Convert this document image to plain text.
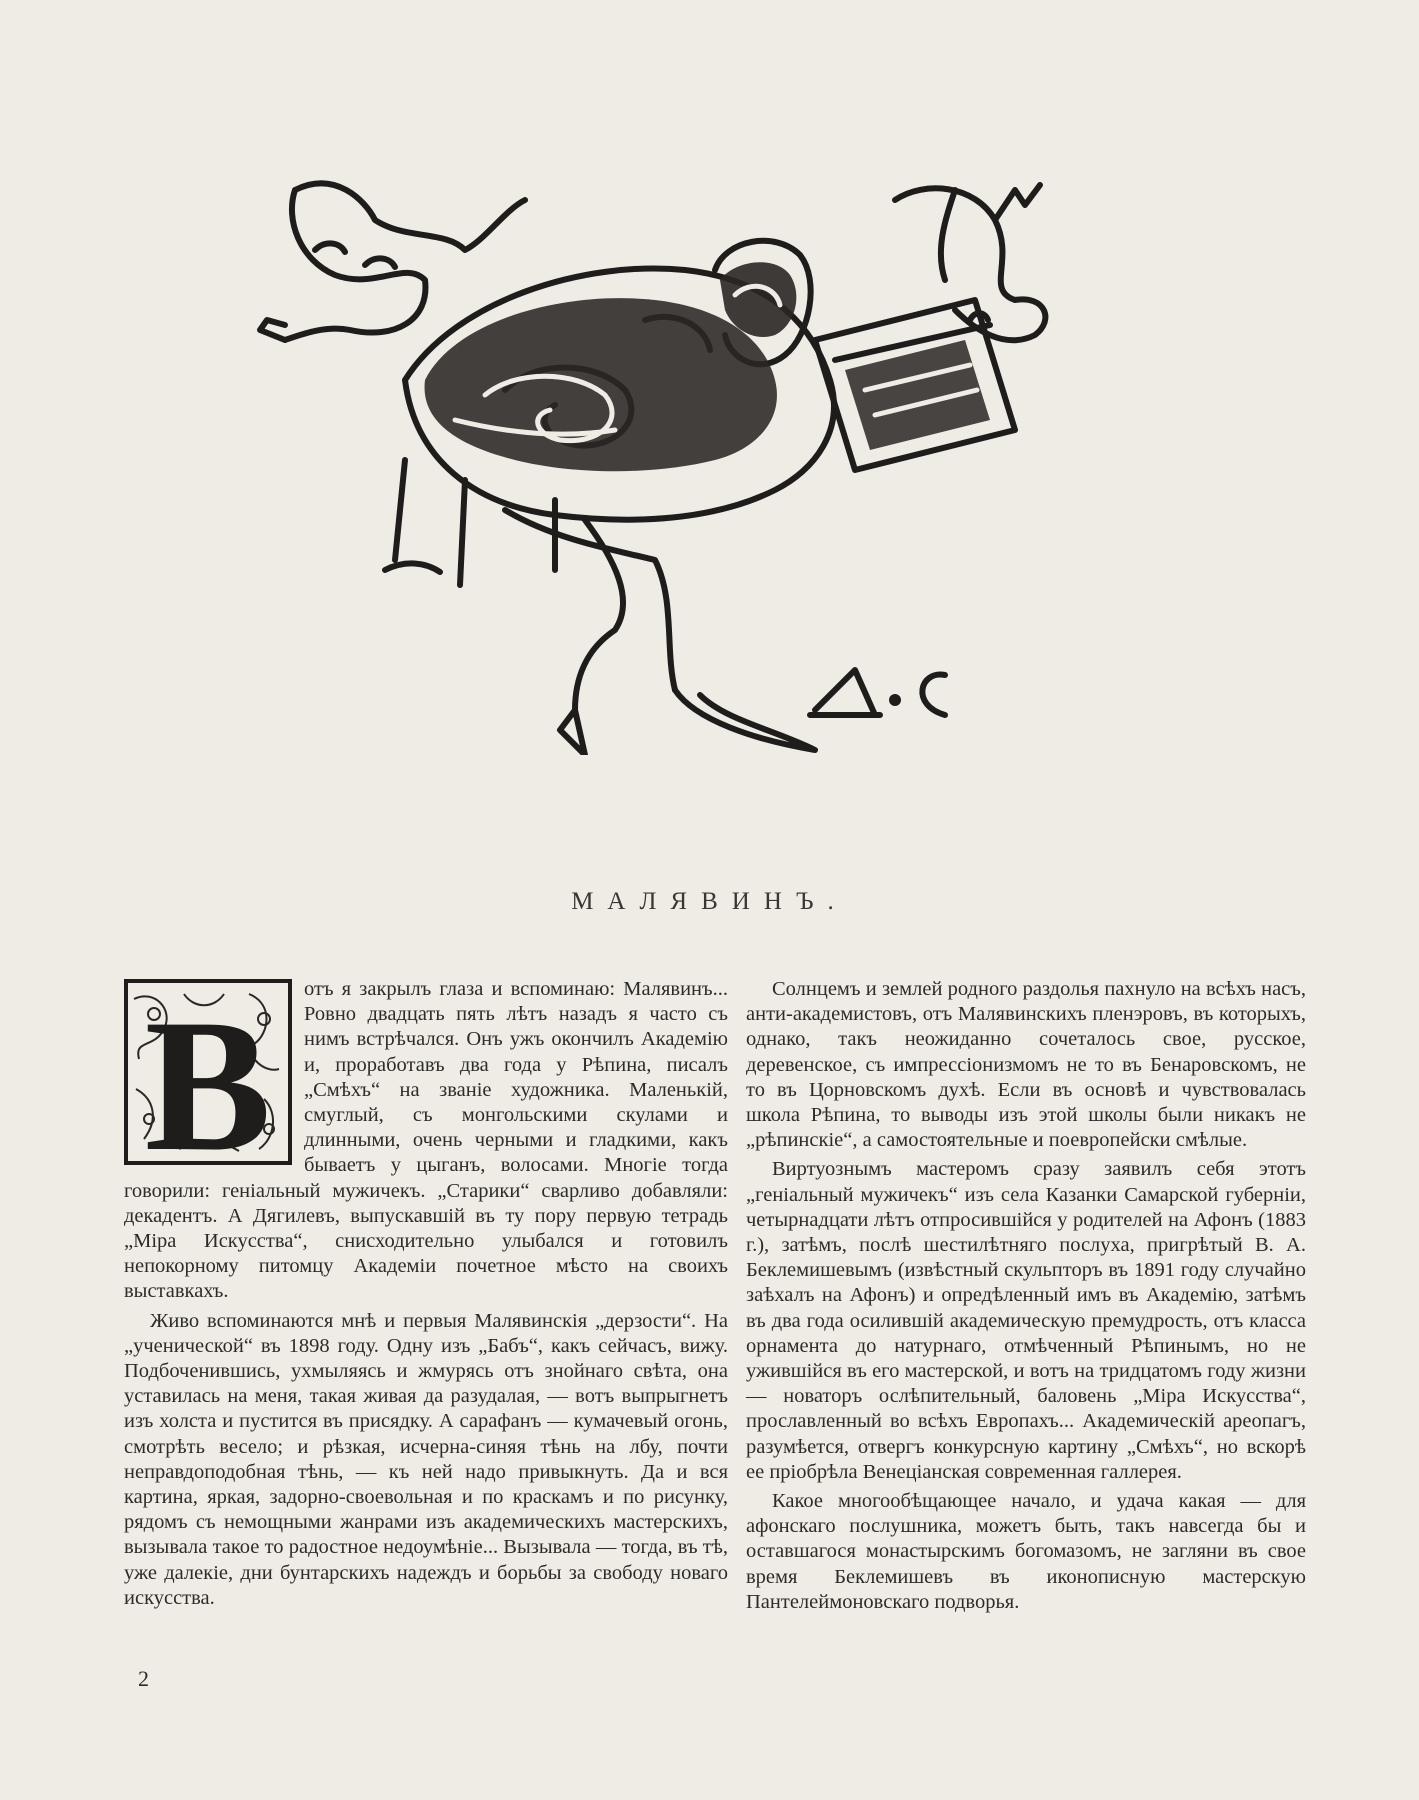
МАЛЯВИНЪ.
В	отъ я закрылъ глаза и вспоминаю: Малявинъ... Ровно двадцать пять лѣтъ назадъ я часто съ нимъ встрѣчался. Онъ ужъ окончилъ Академію и, проработавъ два года у Рѣпина, писалъ „Смѣхъ“ на званіе художника. Маленькій, смуглый, съ монгольскими скулами и длинными, очень черными и гладкими, какъ бываетъ у цыганъ, волосами. Многіе тогда говорили: геніальный мужичекъ. „Старики“ сварливо добавляли: декадентъ. А Дягилевъ, выпускавшій въ ту пору первую тетрадь „Міра Искусства“, снисходительно улыбался и готовилъ непокорному питомцу Академіи почетное мѣсто на своихъ выставкахъ.

Живо вспоминаются мнѣ и первыя Малявинскія „дерзости“. На „ученической“ въ 1898 году. Одну изъ „Бабъ“, какъ сейчасъ, вижу. Подбоченившись, ухмыляясь и жмурясь отъ знойнаго свѣта, она уставилась на меня, такая живая да разудалая, — вотъ выпрыгнетъ изъ холста и пустится въ присядку. А сарафанъ — кумачевый огонь, смотрѣть весело; и рѣзкая, исчерна-синяя тѣнь на лбу, почти неправдоподобная тѣнь, — къ ней надо привыкнуть. Да и вся картина, яркая, задорно-своевольная и по краскамъ и по рисунку, рядомъ съ немощными жанрами изъ академическихъ мастерскихъ, вызывала такое то радостное недоумѣніе... Вызывала — тогда, въ тѣ, уже далекіе, дни бунтарскихъ надеждъ и борьбы за свободу новаго искусства.

Солнцемъ и землей родного раздолья пахнуло на всѣхъ насъ, анти-академистовъ, отъ Малявинскихъ пленэровъ, въ которыхъ, однако, такъ неожиданно сочеталось свое, русское, деревенское, съ импрессіонизмомъ не то въ Бенаровскомъ, не то въ Цорновскомъ духѣ. Если въ основѣ и чувствовалась школа Рѣпина, то выводы изъ этой школы были никакъ не „рѣпинскіе“, а самостоятельные и поевропейски смѣлые.

Виртуознымъ мастеромъ сразу заявилъ себя этотъ „геніальный мужичекъ“ изъ села Казанки Самарской губерніи, четырнадцати лѣтъ отпросившійся у родителей на Афонъ (1883 г.), затѣмъ, послѣ шестилѣтняго послуха, пригрѣтый В. А. Беклемишевымъ (извѣстный скульпторъ въ 1891 году случайно заѣхалъ на Афонъ) и опредѣленный имъ въ Академію, затѣмъ въ два года осилившій академическую премудрость, отъ класса орнамента до натурнаго, отмѣченный Рѣпинымъ, но не ужившійся въ его мастерской, и вотъ на тридцатомъ году жизни — новаторъ ослѣпительный, баловень „Міра Искусства“, прославленный во всѣхъ Европахъ... Академическій ареопагъ, разумѣется, отвергъ конкурсную картину „Смѣхъ“, но вскорѣ ее пріобрѣла Венеціанская современная галлерея.

Какое многообѣщающее начало, и удача какая — для афонскаго послушника, можетъ быть, такъ навсегда бы и оставшагося монастырскимъ богомазомъ, не загляни въ свое время Беклемишевъ въ иконописную мастерскую Пантелеймоновскаго подворья.

2
